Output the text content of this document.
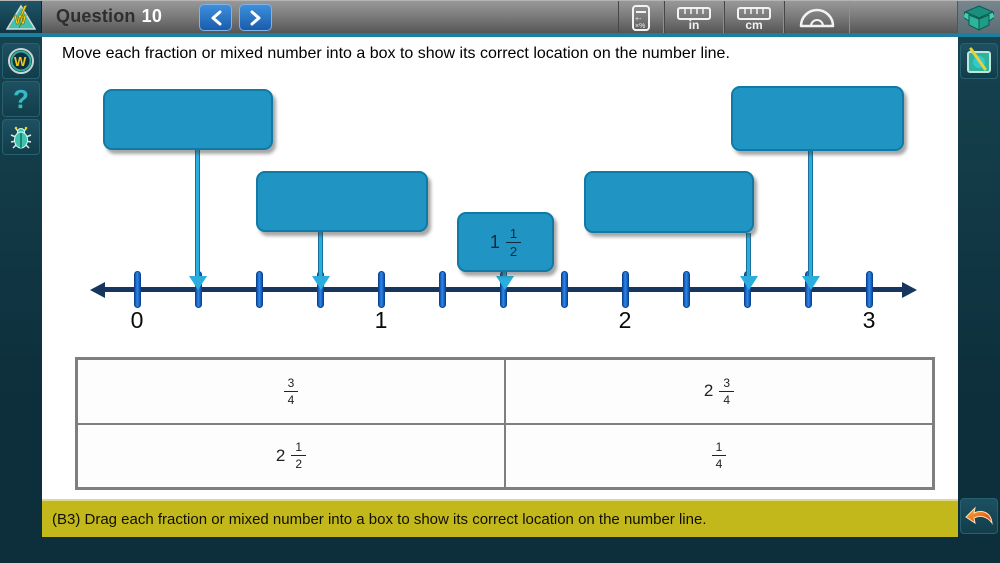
W Question 10	+-
×%	in	cm
W
?
Move each fraction or mixed number into a box to show its correct location on the number line.
0	1	2	3
$1 \frac{1}{2}$
$\frac{3}{4}$	$2 \frac{3}{4}$
$2 \frac{1}{2}$	$\frac{1}{4}$
(B3) Drag each fraction or mixed number into a box to show its correct location on the number line.
